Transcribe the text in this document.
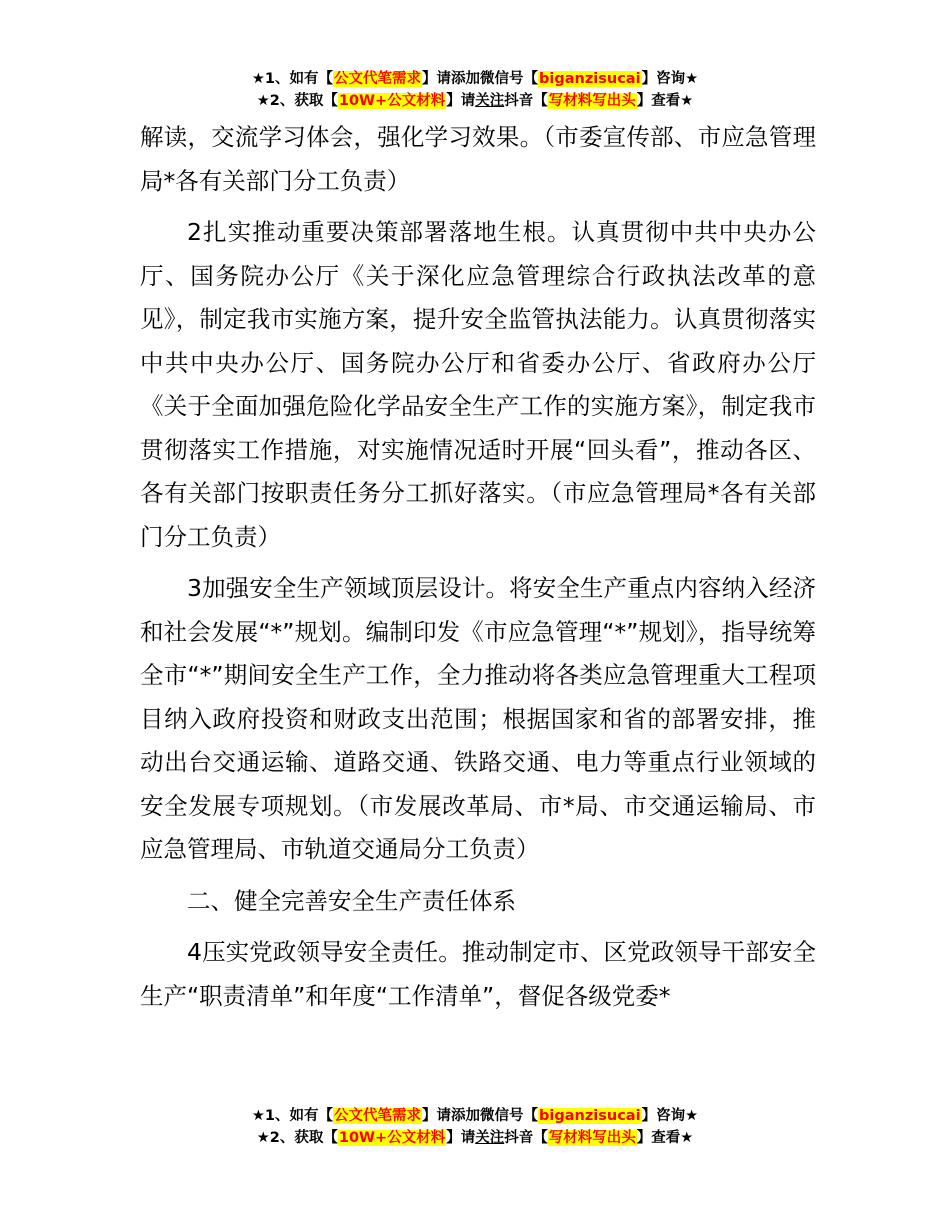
★1、如有【公文代笔需求】请添加微信号【biganzisucai】咨询★
★2、获取【10W+公文材料】请关注抖音【写材料写出头】查看★

解读，交流学习体会，强化学习效果。（市委宣传部、市应急管理局*各有关部门分工负责）

2扎实推动重要决策部署落地生根。认真贯彻中共中央办公厅、国务院办公厅《关于深化应急管理综合行政执法改革的意见》，制定我市实施方案，提升安全监管执法能力。认真贯彻落实中共中央办公厅、国务院办公厅和省委办公厅、省政府办公厅《关于全面加强危险化学品安全生产工作的实施方案》，制定我市贯彻落实工作措施，对实施情况适时开展“回头看”，推动各区、各有关部门按职责任务分工抓好落实。（市应急管理局*各有关部门分工负责）

3加强安全生产领域顶层设计。将安全生产重点内容纳入经济和社会发展“*”规划。编制印发《市应急管理“*”规划》，指导统筹全市“*”期间安全生产工作，全力推动将各类应急管理重大工程项目纳入政府投资和财政支出范围；根据国家和省的部署安排，推动出台交通运输、道路交通、铁路交通、电力等重点行业领域的安全发展专项规划。（市发展改革局、市*局、市交通运输局、市应急管理局、市轨道交通局分工负责）

二、健全完善安全生产责任体系

4压实党政领导安全责任。推动制定市、区党政领导干部安全生产“职责清单”和年度“工作清单”，督促各级党委*

★1、如有【公文代笔需求】请添加微信号【biganzisucai】咨询★
★2、获取【10W+公文材料】请关注抖音【写材料写出头】查看★
